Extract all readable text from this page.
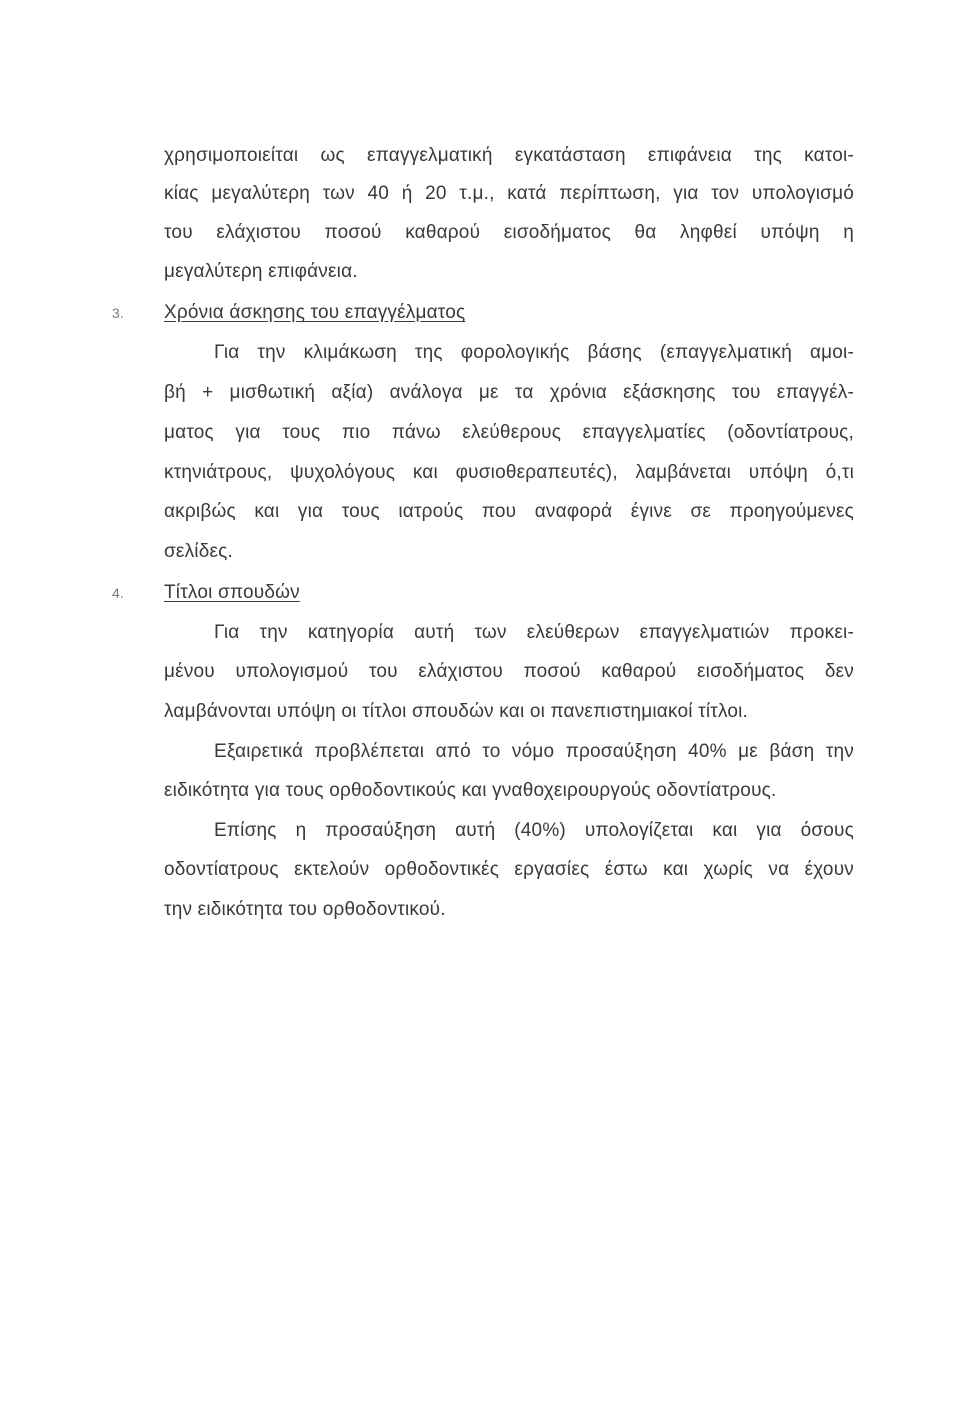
χρησιμοποιείται ως επαγγελματική εγκατάσταση επιφάνεια της κατοι-
κίας μεγαλύτερη των 40 ή 20 τ.μ., κατά περίπτωση, για τον υπολογισμό
του ελάχιστου ποσού καθαρού εισοδήματος θα ληφθεί υπόψη η
μεγαλύτερη επιφάνεια.
3. Χρόνια άσκησης του επαγγέλματος
Για την κλιμάκωση της φορολογικής βάσης (επαγγελματική αμοι-
βή + μισθωτική αξία) ανάλογα με τα χρόνια εξάσκησης του επαγγέλ-
ματος για τους πιο πάνω ελεύθερους επαγγελματίες (οδοντίατρους,
κτηνιάτρους, ψυχολόγους και φυσιοθεραπευτές), λαμβάνεται υπόψη ό,τι
ακριβώς και για τους ιατρούς που αναφορά έγινε σε προηγούμενες
σελίδες.
4. Τίτλοι σπουδών
Για την κατηγορία αυτή των ελεύθερων επαγγελματιών προκει-
μένου υπολογισμού του ελάχιστου ποσού καθαρού εισοδήματος δεν
λαμβάνονται υπόψη οι τίτλοι σπουδών και οι πανεπιστημιακοί τίτλοι.
Εξαιρετικά προβλέπεται από το νόμο προσαύξηση 40% με βάση την
ειδικότητα για τους ορθοδοντικούς και γναθοχειρουργούς οδοντίατρους.
Επίσης η προσαύξηση αυτή (40%) υπολογίζεται και για όσους
οδοντίατρους εκτελούν ορθοδοντικές εργασίες έστω και χωρίς να έχουν
την ειδικότητα του ορθοδοντικού.
